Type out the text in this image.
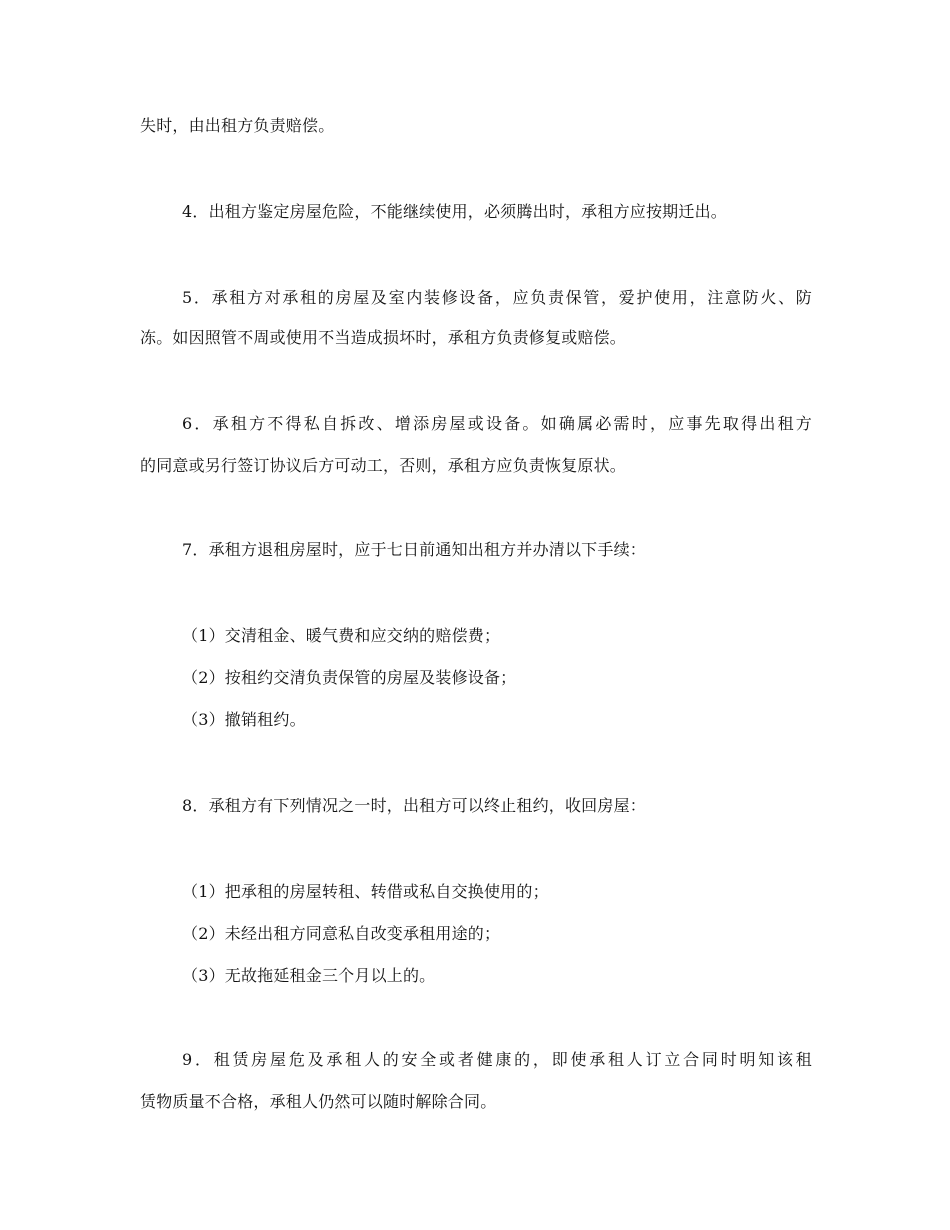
失时，由出租方负责赔偿。
4．出租方鉴定房屋危险，不能继续使用，必须腾出时，承租方应按期迁出。
5．承租方对承租的房屋及室内装修设备，应负责保管，爱护使用，注意防火、防
冻。如因照管不周或使用不当造成损坏时，承租方负责修复或赔偿。
6．承租方不得私自拆改、增添房屋或设备。如确属必需时，应事先取得出租方
的同意或另行签订协议后方可动工，否则，承租方应负责恢复原状。
7．承租方退租房屋时，应于七日前通知出租方并办清以下手续：
（1）交清租金、暖气费和应交纳的赔偿费；
（2）按租约交清负责保管的房屋及装修设备；
（3）撤销租约。
8．承租方有下列情况之一时，出租方可以终止租约，收回房屋：
（1）把承租的房屋转租、转借或私自交换使用的；
（2）未经出租方同意私自改变承租用途的；
（3）无故拖延租金三个月以上的。
9．租赁房屋危及承租人的安全或者健康的，即使承租人订立合同时明知该租
赁物质量不合格，承租人仍然可以随时解除合同。
